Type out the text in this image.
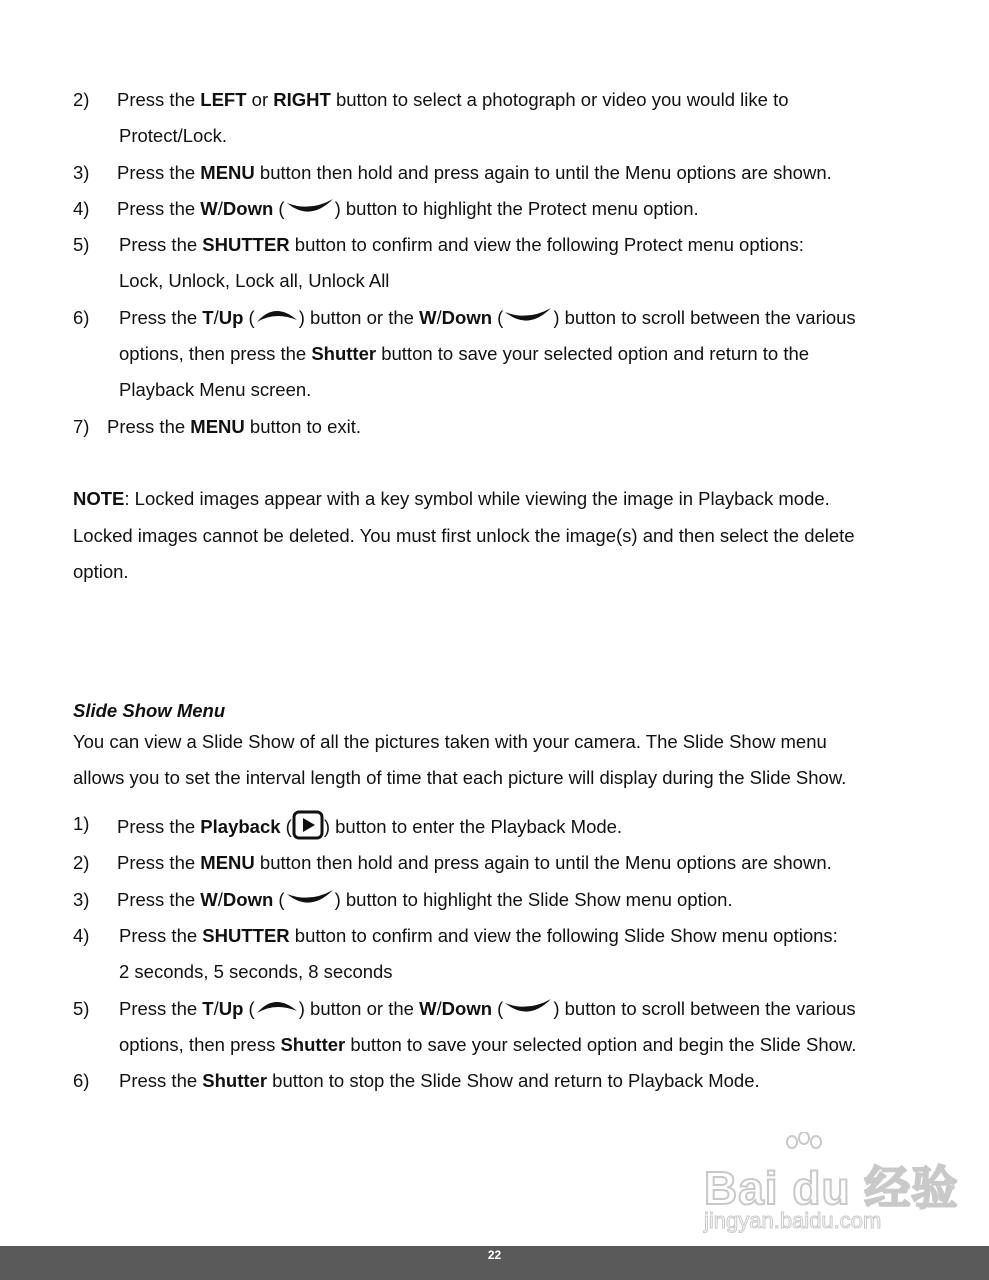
2) Press the LEFT or RIGHT button to select a photograph or video you would like to
Protect/Lock.
3) Press the MENU button then hold and press again to until the Menu options are shown.
4) Press the W/Down (	) button to highlight the Protect menu option.
5) Press the SHUTTER button to confirm and view the following Protect menu options:
Lock, Unlock, Lock all, Unlock All
6) Press the T/Up ( ) button or the W/Down (	) button to scroll between the various
options, then press the Shutter button to save your selected option and return to the
Playback Menu screen.
7) Press the MENU button to exit.
NOTE: Locked images appear with a key symbol while viewing the image in Playback mode.
Locked images cannot be deleted. You must first unlock the image(s) and then select the delete
option.
Slide Show Menu
You can view a Slide Show of all the pictures taken with your camera. The Slide Show menu
allows you to set the interval length of time that each picture will display during the Slide Show.
1) Press the Playback ( ) button to enter the Playback Mode.
2) Press the MENU button then hold and press again to until the Menu options are shown.
3) Press the W/Down (	) button to highlight the Slide Show menu option.
4) Press the SHUTTER button to confirm and view the following Slide Show menu options:
2 seconds, 5 seconds, 8 seconds
5) Press the T/Up ( ) button or the W/Down (	) button to scroll between the various
options, then press Shutter button to save your selected option and begin the Slide Show.
6) Press the Shutter button to stop the Slide Show and return to Playback Mode.
Bai du 经验
jingyan.baidu.com
22
